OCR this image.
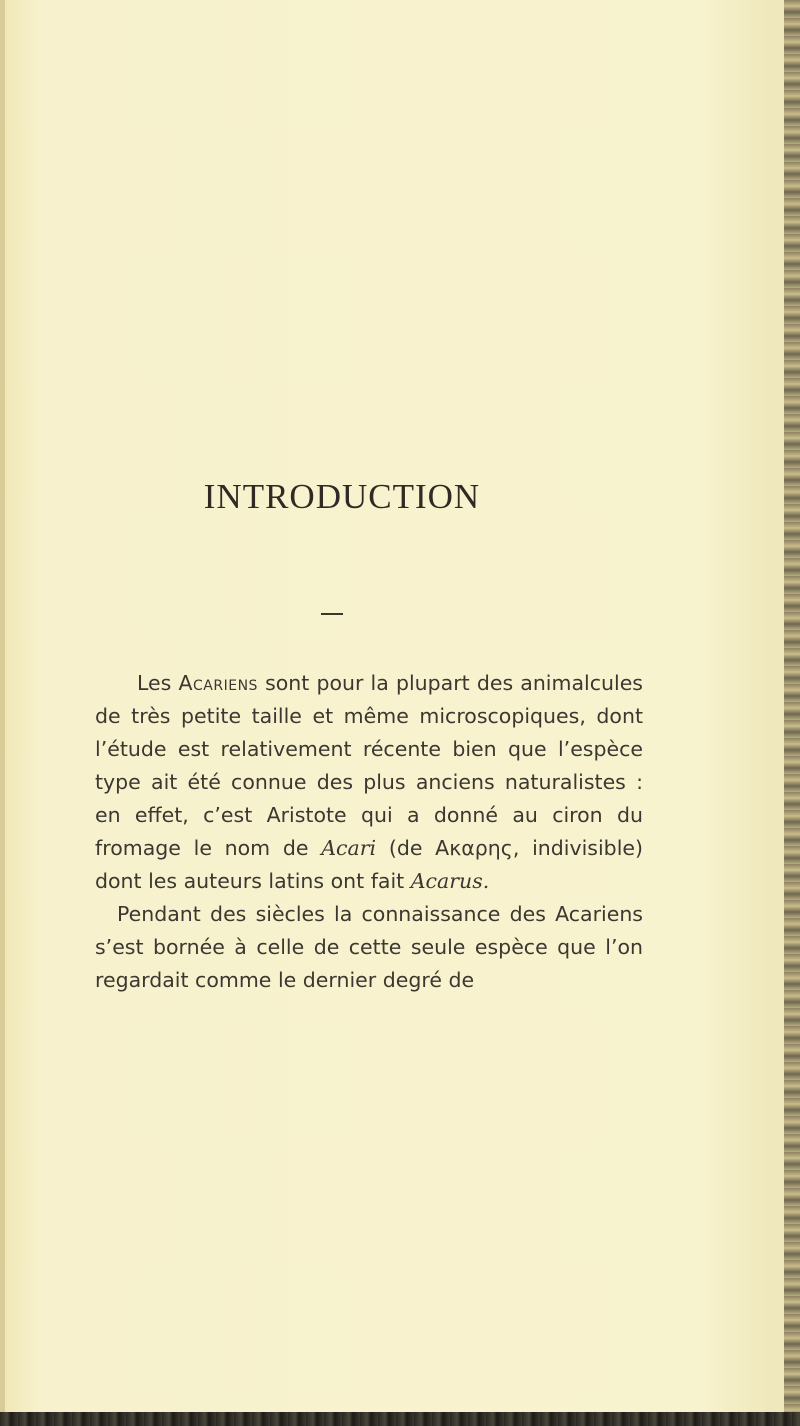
INTRODUCTION

Les Acariens sont pour la plupart des animalcules de très petite taille et même microscopiques, dont l’étude est relativement récente bien que l’espèce type ait été connue des plus anciens naturalistes : en effet, c’est Aristote qui a donné au ciron du fromage le nom de Acari (de Ακαρης, indivisible) dont les auteurs latins ont fait Acarus.

Pendant des siècles la connaissance des Acariens s’est bornée à celle de cette seule espèce que l’on regardait comme le dernier degré de
